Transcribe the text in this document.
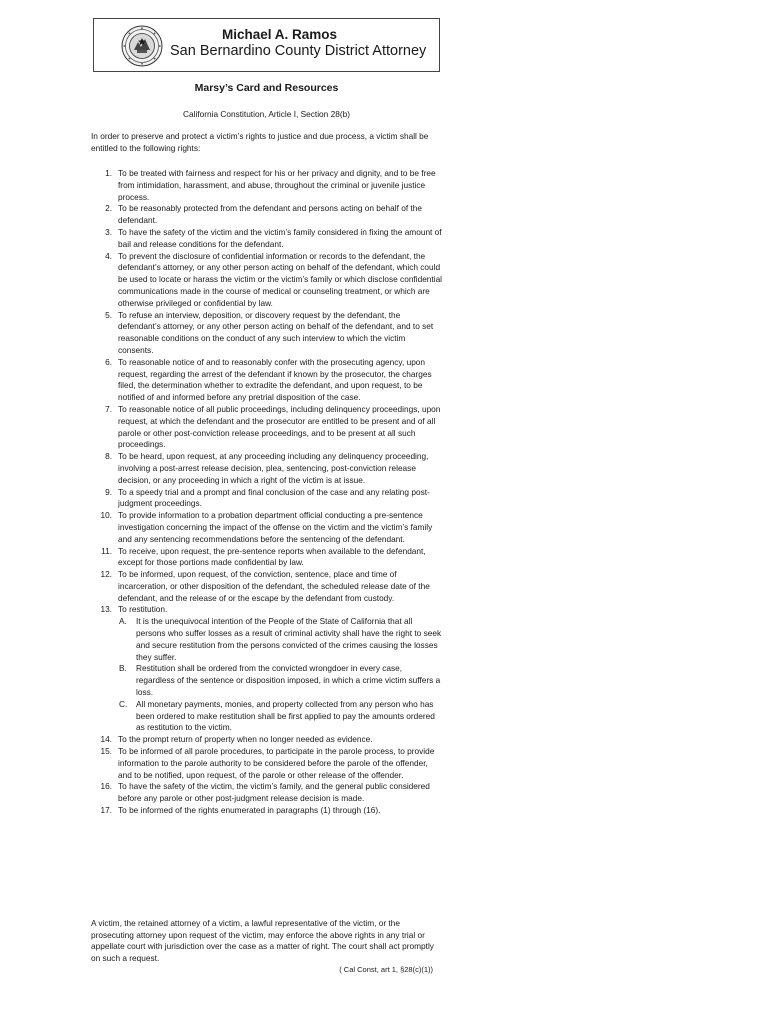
Michael A. Ramos
San Bernardino County District Attorney
Marsy’s Card and Resources
California Constitution, Article I, Section 28(b)
In order to preserve and protect a victim’s rights to justice and due process, a victim shall be entitled to the following rights:
1. To be treated with fairness and respect for his or her privacy and dignity, and to be free from intimidation, harassment, and abuse, throughout the criminal or juvenile justice process.
2. To be reasonably protected from the defendant and persons acting on behalf of the defendant.
3. To have the safety of the victim and the victim’s family considered in fixing the amount of bail and release conditions for the defendant.
4. To prevent the disclosure of confidential information or records to the defendant, the defendant’s attorney, or any other person acting on behalf of the defendant, which could be used to locate or harass the victim or the victim’s family or which disclose confidential communications made in the course of medical or counseling treatment, or which are otherwise privileged or confidential by law.
5. To refuse an interview, deposition, or discovery request by the defendant, the defendant’s attorney, or any other person acting on behalf of the defendant, and to set reasonable conditions on the conduct of any such interview to which the victim consents.
6. To reasonable notice of and to reasonably confer with the prosecuting agency, upon request, regarding the arrest of the defendant if known by the prosecutor, the charges filed, the determination whether to extradite the defendant, and upon request, to be notified of and informed before any pretrial disposition of the case.
7. To reasonable notice of all public proceedings, including delinquency proceedings, upon request, at which the defendant and the prosecutor are entitled to be present and of all parole or other post-conviction release proceedings, and to be present at all such proceedings.
8. To be heard, upon request, at any proceeding including any delinquency proceeding, involving a post-arrest release decision, plea, sentencing, post-conviction release decision, or any proceeding in which a right of the victim is at issue.
9. To a speedy trial and a prompt and final conclusion of the case and any relating post-judgment proceedings.
10. To provide information to a probation department official conducting a pre-sentence investigation concerning the impact of the offense on the victim and the victim’s family and any sentencing recommendations before the sentencing of the defendant.
11. To receive, upon request, the pre-sentence reports when available to the defendant, except for those portions made confidential by law.
12. To be informed, upon request, of the conviction, sentence, place and time of incarceration, or other disposition of the defendant, the scheduled release date of the defendant, and the release of or the escape by the defendant from custody.
13. To restitution.
A. It is the unequivocal intention of the People of the State of California that all persons who suffer losses as a result of criminal activity shall have the right to seek and secure restitution from the persons convicted of the crimes causing the losses they suffer.
B. Restitution shall be ordered from the convicted wrongdoer in every case, regardless of the sentence or disposition imposed, in which a crime victim suffers a loss.
C. All monetary payments, monies, and property collected from any person who has been ordered to make restitution shall be first applied to pay the amounts ordered as restitution to the victim.
14. To the prompt return of property when no longer needed as evidence.
15. To be informed of all parole procedures, to participate in the parole process, to provide information to the parole authority to be considered before the parole of the offender, and to be notified, upon request, of the parole or other release of the offender.
16. To have the safety of the victim, the victim’s family, and the general public considered before any parole or other post-judgment release decision is made.
17. To be informed of the rights enumerated in paragraphs (1) through (16).
A victim, the retained attorney of a victim, a lawful representative of the victim, or the prosecuting attorney upon request of the victim, may enforce the above rights in any trial or appellate court with jurisdiction over the case as a matter of right. The court shall act promptly on such a request.
( Cal Const, art 1, §28(c)(1))
